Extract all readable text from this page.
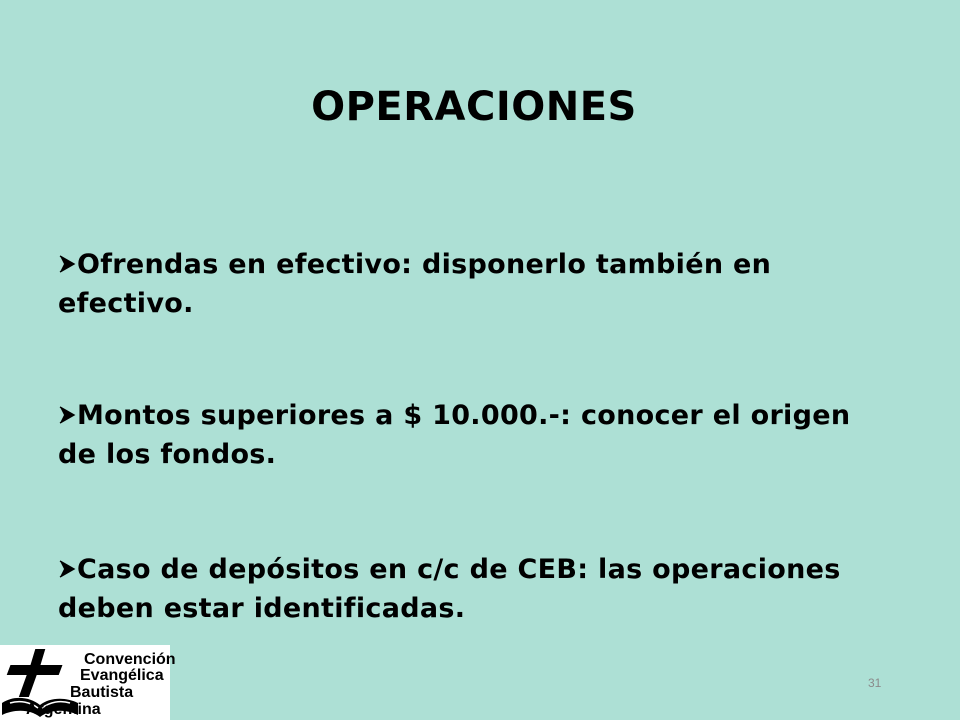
OPERACIONES
Ofrendas en efectivo: disponerlo también en
efectivo.
Montos superiores a $ 10.000.-: conocer el origen
de los fondos.
Caso de depósitos en c/c de CEB: las operaciones
deben estar identificadas.
31
Convención
Evangélica
Bautista
Argentina
